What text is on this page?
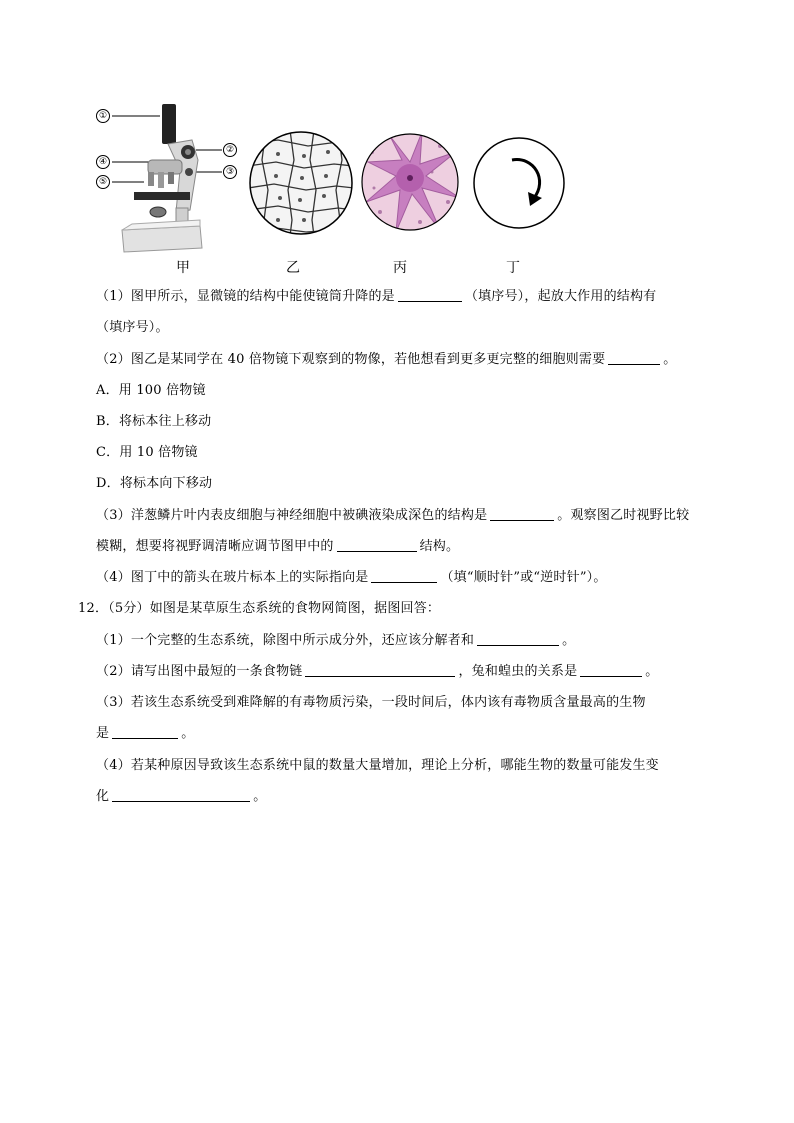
①
②
③
④
⑤
甲	乙	丙	丁
（1）图甲所示，显微镜的结构中能使镜筒升降的是	（填序号），起放大作用的结构有
（填序号）。
（2）图乙是某同学在 40 倍物镜下观察到的物像，若他想看到更多更完整的细胞则需要	。
A．用 100 倍物镜
B．将标本往上移动
C．用 10 倍物镜
D．将标本向下移动
（3）洋葱鳞片叶内表皮细胞与神经细胞中被碘液染成深色的结构是	。观察图乙时视野比较
模糊，想要将视野调清晰应调节图甲中的	结构。
（4）图丁中的箭头在玻片标本上的实际指向是	（填“顺时针”或“逆时针”）。
12．（5分）如图是某草原生态系统的食物网简图，据图回答：
（1）一个完整的生态系统，除图中所示成分外，还应该分解者和	。
（2）请写出图中最短的一条食物链	，兔和蝗虫的关系是	。
（3）若该生态系统受到难降解的有毒物质污染，一段时间后，体内该有毒物质含量最高的生物
是	。
（4）若某种原因导致该生态系统中鼠的数量大量增加，理论上分析，哪能生物的数量可能发生变
化	。
